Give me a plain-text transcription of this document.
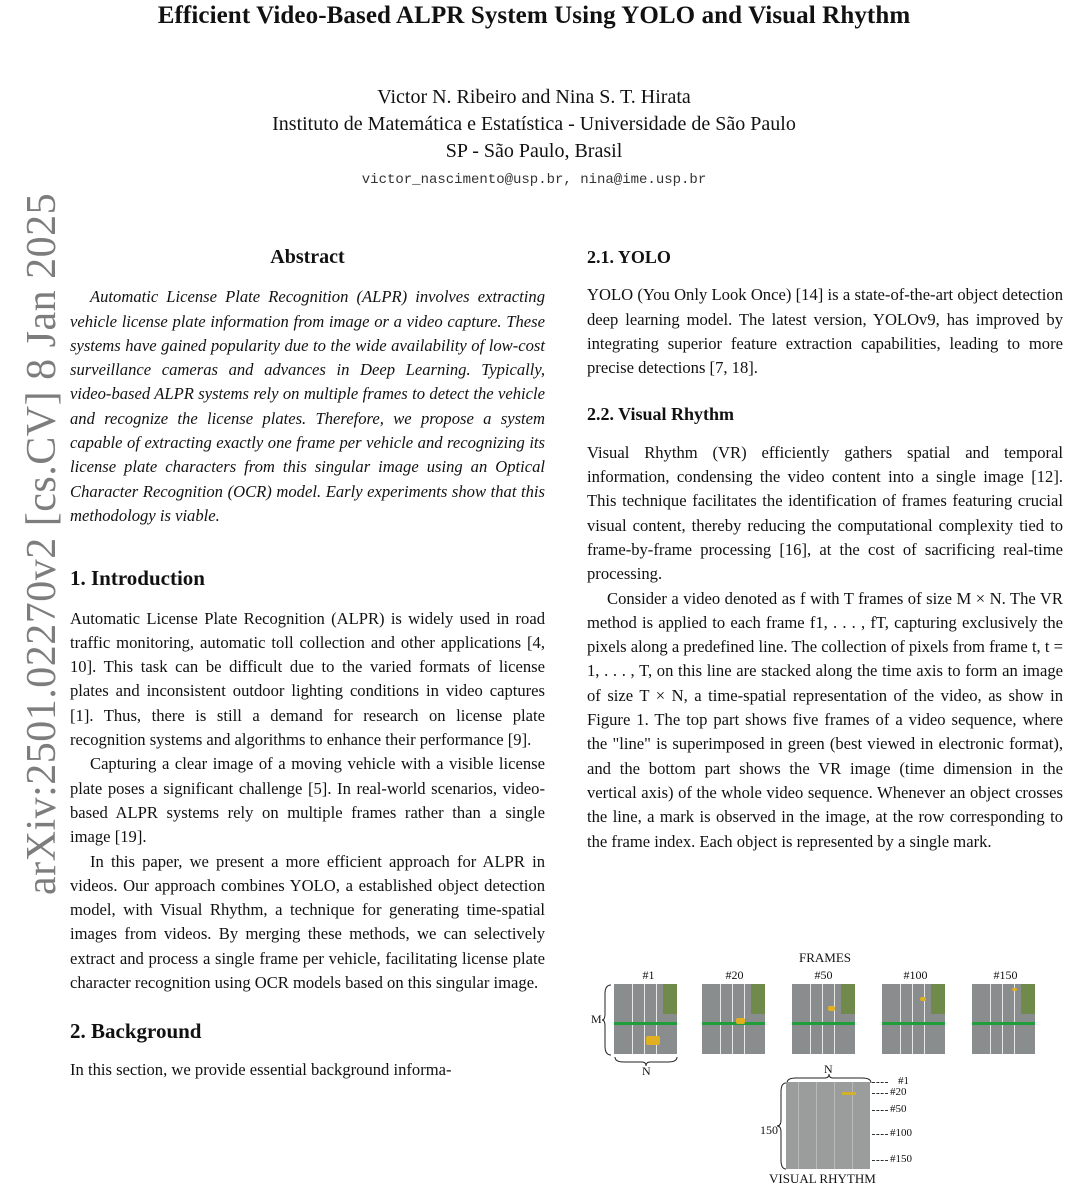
Efficient Video-Based ALPR System Using YOLO and Visual Rhythm
Victor N. Ribeiro and Nina S. T. Hirata
Instituto de Matemática e Estatística - Universidade de São Paulo
SP - São Paulo, Brasil
victor_nascimento@usp.br, nina@ime.usp.br
arXiv:2501.02270v2 [cs.CV] 8 Jan 2025	Abstract

Automatic License Plate Recognition (ALPR) involves extracting vehicle license plate information from image or a video capture. These systems have gained popularity due to the wide availability of low-cost surveillance cameras and advances in Deep Learning. Typically, video-based ALPR systems rely on multiple frames to detect the vehicle and recognize the license plates. Therefore, we propose a system capable of extracting exactly one frame per vehicle and recognizing its license plate characters from this singular image using an Optical Character Recognition (OCR) model. Early experiments show that this methodology is viable.

1. Introduction

Automatic License Plate Recognition (ALPR) is widely used in road traffic monitoring, automatic toll collection and other applications [4, 10]. This task can be difficult due to the varied formats of license plates and inconsistent outdoor lighting conditions in video captures [1]. Thus, there is still a demand for research on license plate recognition systems and algorithms to enhance their performance [9].

Capturing a clear image of a moving vehicle with a visible license plate poses a significant challenge [5]. In real-world scenarios, video-based ALPR systems rely on multiple frames rather than a single image [19].

In this paper, we present a more efficient approach for ALPR in videos. Our approach combines YOLO, a established object detection model, with Visual Rhythm, a technique for generating time-spatial images from videos. By merging these methods, we can selectively extract and process a single frame per vehicle, facilitating license plate character recognition using OCR models based on this singular image.

2. Background

In this section, we provide essential background informa-

2.1. YOLO

YOLO (You Only Look Once) [14] is a state-of-the-art object detection deep learning model. The latest version, YOLOv9, has improved by integrating superior feature extraction capabilities, leading to more precise detections [7, 18].

2.2. Visual Rhythm

Visual Rhythm (VR) efficiently gathers spatial and temporal information, condensing the video content into a single image [12]. This technique facilitates the identification of frames featuring crucial visual content, thereby reducing the computational complexity tied to frame-by-frame processing [16], at the cost of sacrificing real-time processing.

Consider a video denoted as f with T frames of size M × N. The VR method is applied to each frame f1, . . . , fT, capturing exclusively the pixels along a predefined line. The collection of pixels from frame t, t = 1, . . . , T, on this line are stacked along the time axis to form an image of size T × N, a time-spatial representation of the video, as show in Figure 1. The top part shows five frames of a video sequence, where the "line" is superimposed in green (best viewed in electronic format), and the bottom part shows the VR image (time dimension in the vertical axis) of the whole video sequence. Whenever an object crosses the line, a mark is observed in the image, at the row corresponding to the frame index. Each object is represented by a single mark.

FRAMES
#1	#20	#50	#100	#150
M
N	N
150
#1
#20
#50
#100
#150
VISUAL RHYTHM
